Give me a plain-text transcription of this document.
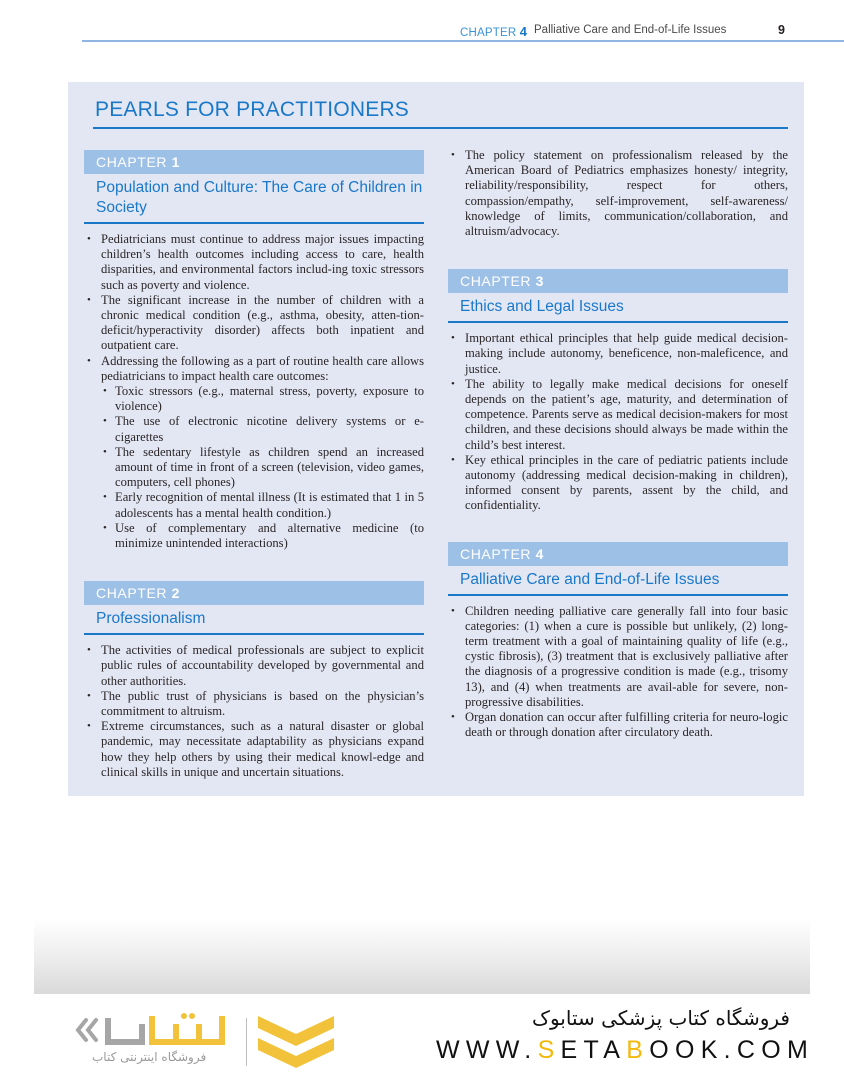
CHAPTER 4 Palliative Care and End-of-Life Issues	9
PEARLS FOR PRACTITIONERS
CHAPTER 1
Population and Culture: The Care of Children in Society
• Pediatricians must continue to address major issues impacting children’s health outcomes including access to care, health disparities, and environmental factors includ-ing toxic stressors such as poverty and violence.
• The significant increase in the number of children with a chronic medical condition (e.g., asthma, obesity, atten-tion-deficit/hyperactivity disorder) affects both inpatient and outpatient care.
• Addressing the following as a part of routine health care allows pediatricians to impact health care outcomes:
• Toxic stressors (e.g., maternal stress, poverty, exposure to violence)
• The use of electronic nicotine delivery systems or e-cigarettes
• The sedentary lifestyle as children spend an increased amount of time in front of a screen (television, video games, computers, cell phones)
• Early recognition of mental illness (It is estimated that 1 in 5 adolescents has a mental health condition.)
• Use of complementary and alternative medicine (to minimize unintended interactions)
CHAPTER 2
Professionalism
• The activities of medical professionals are subject to explicit public rules of accountability developed by governmental and other authorities.
• The public trust of physicians is based on the physician’s commitment to altruism.
• Extreme circumstances, such as a natural disaster or global pandemic, may necessitate adaptability as physicians expand how they help others by using their medical knowl-edge and clinical skills in unique and uncertain situations.
• The policy statement on professionalism released by the American Board of Pediatrics emphasizes honesty/ integrity, reliability/responsibility, respect for others, compassion/empathy, self-improvement, self-awareness/ knowledge of limits, communication/collaboration, and altruism/advocacy.
CHAPTER 3
Ethics and Legal Issues
• Important ethical principles that help guide medical decision-making include autonomy, beneficence, non-maleficence, and justice.
• The ability to legally make medical decisions for oneself depends on the patient’s age, maturity, and determination of competence. Parents serve as medical decision-makers for most children, and these decisions should always be made within the child’s best interest.
• Key ethical principles in the care of pediatric patients include autonomy (addressing medical decision-making in children), informed consent by parents, assent by the child, and confidentiality.
CHAPTER 4
Palliative Care and End-of-Life Issues
• Children needing palliative care generally fall into four basic categories: (1) when a cure is possible but unlikely, (2) long-term treatment with a goal of maintaining quality of life (e.g., cystic fibrosis), (3) treatment that is exclusively palliative after the diagnosis of a progressive condition is made (e.g., trisomy 13), and (4) when treatments are avail-able for severe, non-progressive disabilities.
• Organ donation can occur after fulfilling criteria for neuro-logic death or through donation after circulatory death.
فروشگاه اینترنتی کتاب
فروشگاه کتاب پزشکی ستابوک
WWW.SETABOOK.COM
